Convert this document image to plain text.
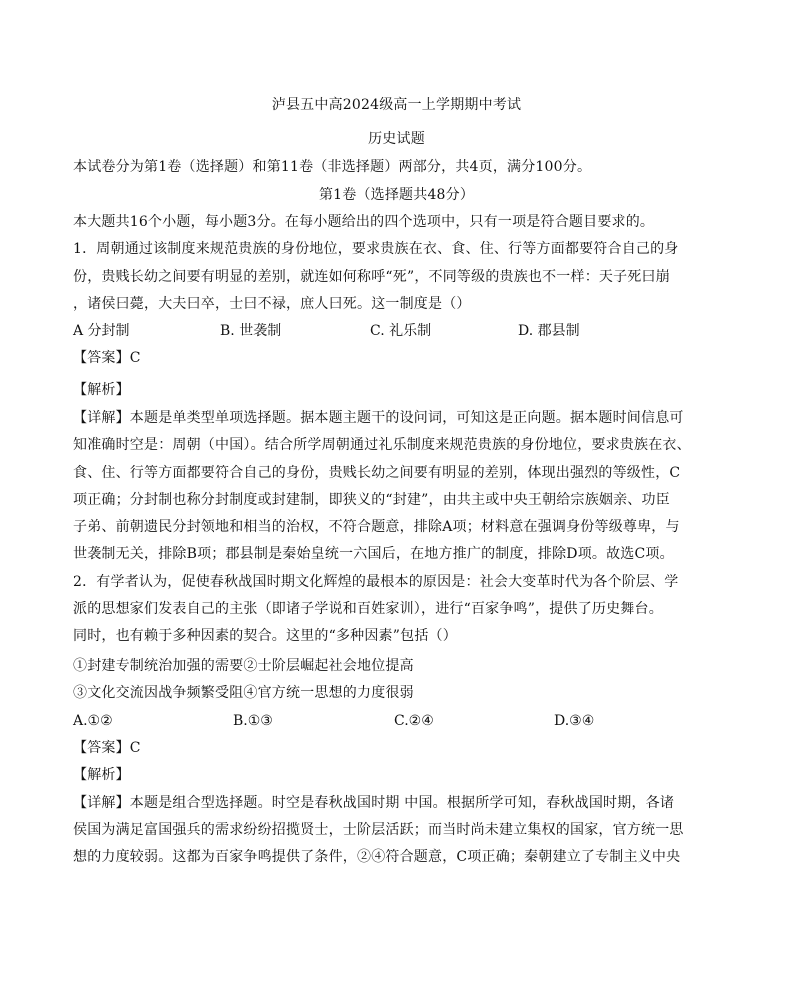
泸县五中高2024级高一上学期期中考试
历史试题
本试卷分为第1卷（选择题）和第11卷（非选择题）两部分，共4页，满分100分。
第1卷（选择题共48分）
本大题共16个小题，每小题3分。在每小题给出的四个选项中，只有一项是符合题目要求的。
1．周朝通过该制度来规范贵族的身份地位，要求贵族在衣、食、住、行等方面都要符合自己的身
份，贵贱长幼之间要有明显的差别，就连如何称呼“死”，不同等级的贵族也不一样：天子死曰崩
，诸侯曰薨，大夫曰卒，士曰不禄，庶人曰死。这一制度是（）
A 分封制	B. 世袭制	C. 礼乐制	D. 郡县制
【答案】C
【解析】
【详解】本题是单类型单项选择题。据本题主题干的设问词，可知这是正向题。据本题时间信息可
知准确时空是：周朝（中国）。结合所学周朝通过礼乐制度来规范贵族的身份地位，要求贵族在衣、
食、住、行等方面都要符合自己的身份，贵贱长幼之间要有明显的差别，体现出强烈的等级性，C
项正确；分封制也称分封制度或封建制，即狭义的“封建”，由共主或中央王朝给宗族姻亲、功臣
子弟、前朝遗民分封领地和相当的治权，不符合题意，排除A项；材料意在强调身份等级尊卑，与
世袭制无关，排除B项；郡县制是秦始皇统一六国后，在地方推广的制度，排除D项。故选C项。
2．有学者认为，促使春秋战国时期文化辉煌的最根本的原因是：社会大变革时代为各个阶层、学
派的思想家们发表自己的主张（即诸子学说和百姓家训），进行“百家争鸣”，提供了历史舞台。
同时，也有赖于多种因素的契合。这里的“多种因素”包括（）
①封建专制统治加强的需要②士阶层崛起社会地位提高
③文化交流因战争频繁受阻④官方统一思想的力度很弱
A.①②	B.①③	C.②④	D.③④
【答案】C
【解析】
【详解】本题是组合型选择题。时空是春秋战国时期 中国。根据所学可知，春秋战国时期，各诸
侯国为满足富国强兵的需求纷纷招揽贤士，士阶层活跃；而当时尚未建立集权的国家，官方统一思
想的力度较弱。这都为百家争鸣提供了条件，②④符合题意，C项正确；秦朝建立了专制主义中央
